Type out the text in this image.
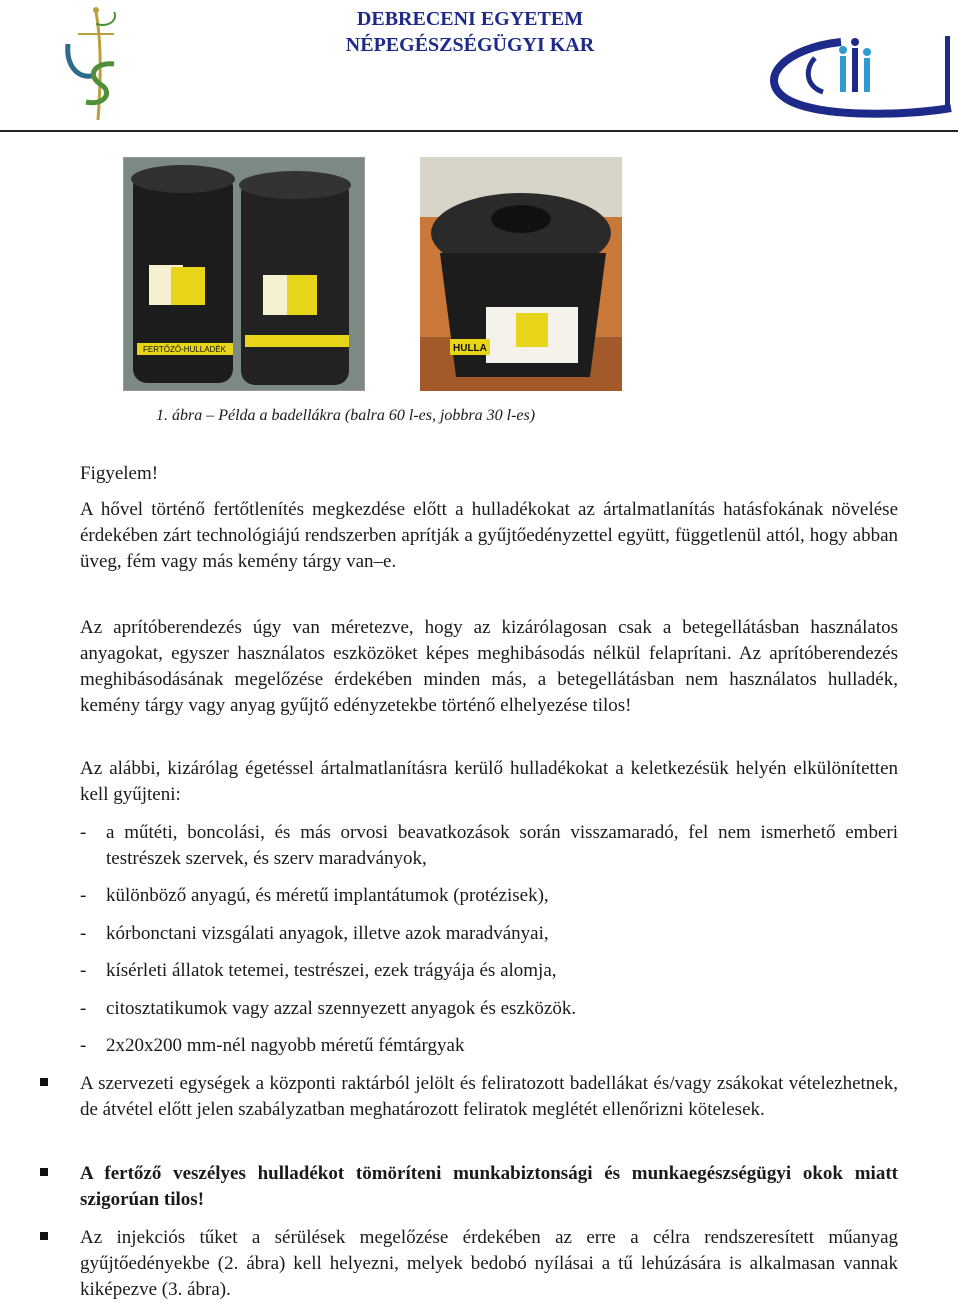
DEBRECENI EGYETEM
NÉPEGÉSZSÉGÜGYI KAR
FERTŐZŐ-HULLADÉK	HULLA
1. ábra – Példa a badellákra (balra 60 l-es, jobbra 30 l-es)
Figyelem!

A hővel történő fertőtlenítés megkezdése előtt a hulladékokat az ártalmatlanítás hatásfokának növelése érdekében zárt technológiájú rendszerben aprítják a gyűjtőedényzettel együtt, függetlenül attól, hogy abban üveg, fém vagy más kemény tárgy van–e.

Az aprítóberendezés úgy van méretezve, hogy az kizárólagosan csak a betegellátásban használatos anyagokat, egyszer használatos eszközöket képes meghibásodás nélkül felaprítani. Az aprítóberendezés meghibásodásának megelőzése érdekében minden más, a betegellátásban nem használatos hulladék, kemény tárgy vagy anyag gyűjtő edényzetekbe történő elhelyezése tilos!

Az alábbi, kizárólag égetéssel ártalmatlanításra kerülő hulladékokat a keletkezésük helyén elkülönítetten kell gyűjteni:

- a műtéti, boncolási, és más orvosi beavatkozások során visszamaradó, fel nem ismerhető emberi testrészek szervek, és szerv maradványok,
- különböző anyagú, és méretű implantátumok (protézisek),
- kórbonctani vizsgálati anyagok, illetve azok maradványai,
- kísérleti állatok tetemei, testrészei, ezek trágyája és alomja,
- citosztatikumok vagy azzal szennyezett anyagok és eszközök.
- 2x20x200 mm-nél nagyobb méretű fémtárgyak

A szervezeti egységek a központi raktárból jelölt és feliratozott badellákat és/vagy zsákokat vételezhetnek, de átvétel előtt jelen szabályzatban meghatározott feliratok meglétét ellenőrizni kötelesek.

A fertőző veszélyes hulladékot tömöríteni munkabiztonsági és munkaegészségügyi okok miatt szigorúan tilos!

Az injekciós tűket a sérülések megelőzése érdekében az erre a célra rendszeresített műanyag gyűjtőedényekbe (2. ábra) kell helyezni, melyek bedobó nyílásai a tű lehúzására is alkalmasan vannak kiképezve (3. ábra).
